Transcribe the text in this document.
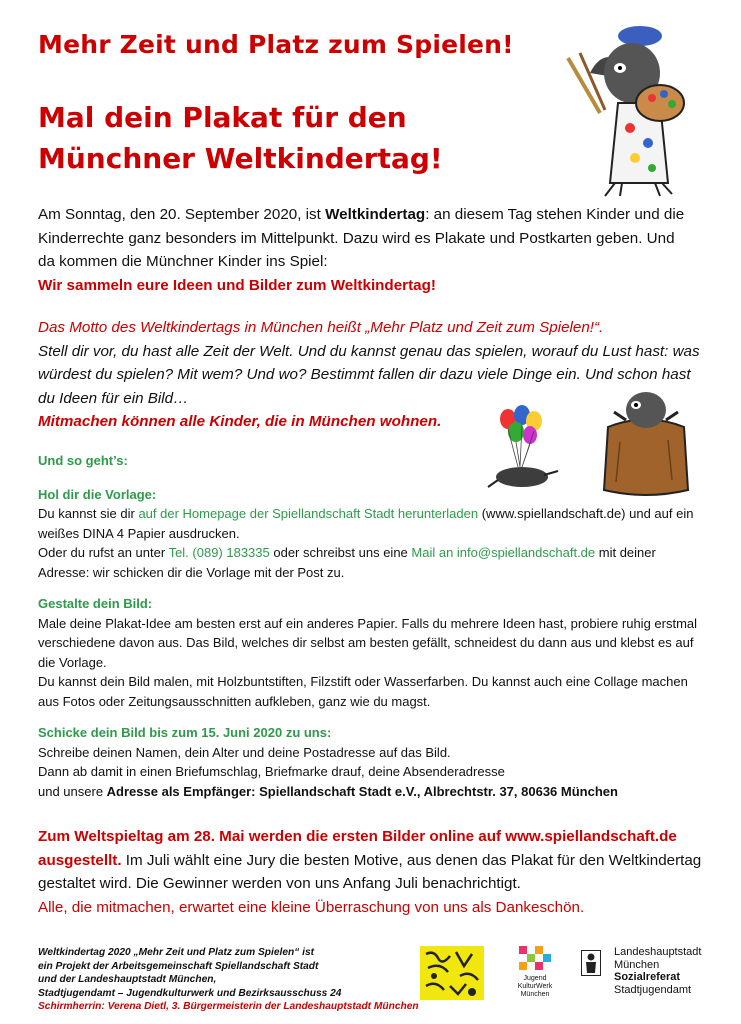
Mehr Zeit und Platz zum Spielen!
Mal dein Plakat für den
Münchner Weltkindertag!
Am Sonntag, den 20. September 2020, ist Weltkindertag: an diesem Tag stehen Kinder und die Kinderrechte ganz besonders im Mittelpunkt. Dazu wird es Plakate und Postkarten geben. Und da kommen die Münchner Kinder ins Spiel:
Wir sammeln eure Ideen und Bilder zum Weltkindertag!
Das Motto des Weltkindertags in München heißt „Mehr Platz und Zeit zum Spielen!“.
Stell dir vor, du hast alle Zeit der Welt. Und du kannst genau das spielen, worauf du Lust hast: was würdest du spielen? Mit wem? Und wo? Bestimmt fallen dir dazu viele Dinge ein. Und schon hast du Ideen für ein Bild…
Mitmachen können alle Kinder, die in München wohnen.
Und so geht’s:
Hol dir die Vorlage:
Du kannst sie dir auf der Homepage der Spiellandschaft Stadt herunterladen (www.spiellandschaft.de) und auf ein weißes DINA 4 Papier ausdrucken.
Oder du rufst an unter Tel. (089) 183335 oder schreibst uns eine Mail an info@spiellandschaft.de mit deiner Adresse: wir schicken dir die Vorlage mit der Post zu.
Gestalte dein Bild:
Male deine Plakat-Idee am besten erst auf ein anderes Papier. Falls du mehrere Ideen hast, probiere ruhig erstmal verschiedene davon aus. Das Bild, welches dir selbst am besten gefällt, schneidest du dann aus und klebst es auf die Vorlage.
Du kannst dein Bild malen, mit Holzbuntstiften, Filzstift oder Wasserfarben. Du kannst auch eine Collage machen aus Fotos oder Zeitungsausschnitten aufkleben, ganz wie du magst.
Schicke dein Bild bis zum 15. Juni 2020 zu uns:
Schreibe deinen Namen, dein Alter und deine Postadresse auf das Bild.
Dann ab damit in einen Briefumschlag, Briefmarke drauf, deine Absenderadresse
und unsere Adresse als Empfänger: Spiellandschaft Stadt e.V., Albrechtstr. 37, 80636 München
Zum Weltspieltag am 28. Mai werden die ersten Bilder online auf www.spiellandschaft.de ausgestellt. Im Juli wählt eine Jury die besten Motive, aus denen das Plakat für den Weltkindertag gestaltet wird. Die Gewinner werden von uns Anfang Juli benachrichtigt.
Alle, die mitmachen, erwartet eine kleine Überraschung von uns als Dankeschön.
Weltkindertag 2020 „Mehr Zeit und Platz zum Spielen“ ist
ein Projekt der Arbeitsgemeinschaft Spiellandschaft Stadt
und der Landeshauptstadt München,
Stadtjugendamt – Jugendkulturwerk und Bezirksausschuss 24
Schirmherrin: Verena Dietl, 3. Bürgermeisterin der Landeshauptstadt München
Jugend
KulturWerk
München
Landeshauptstadt
München
Sozialreferat
Stadtjugendamt
